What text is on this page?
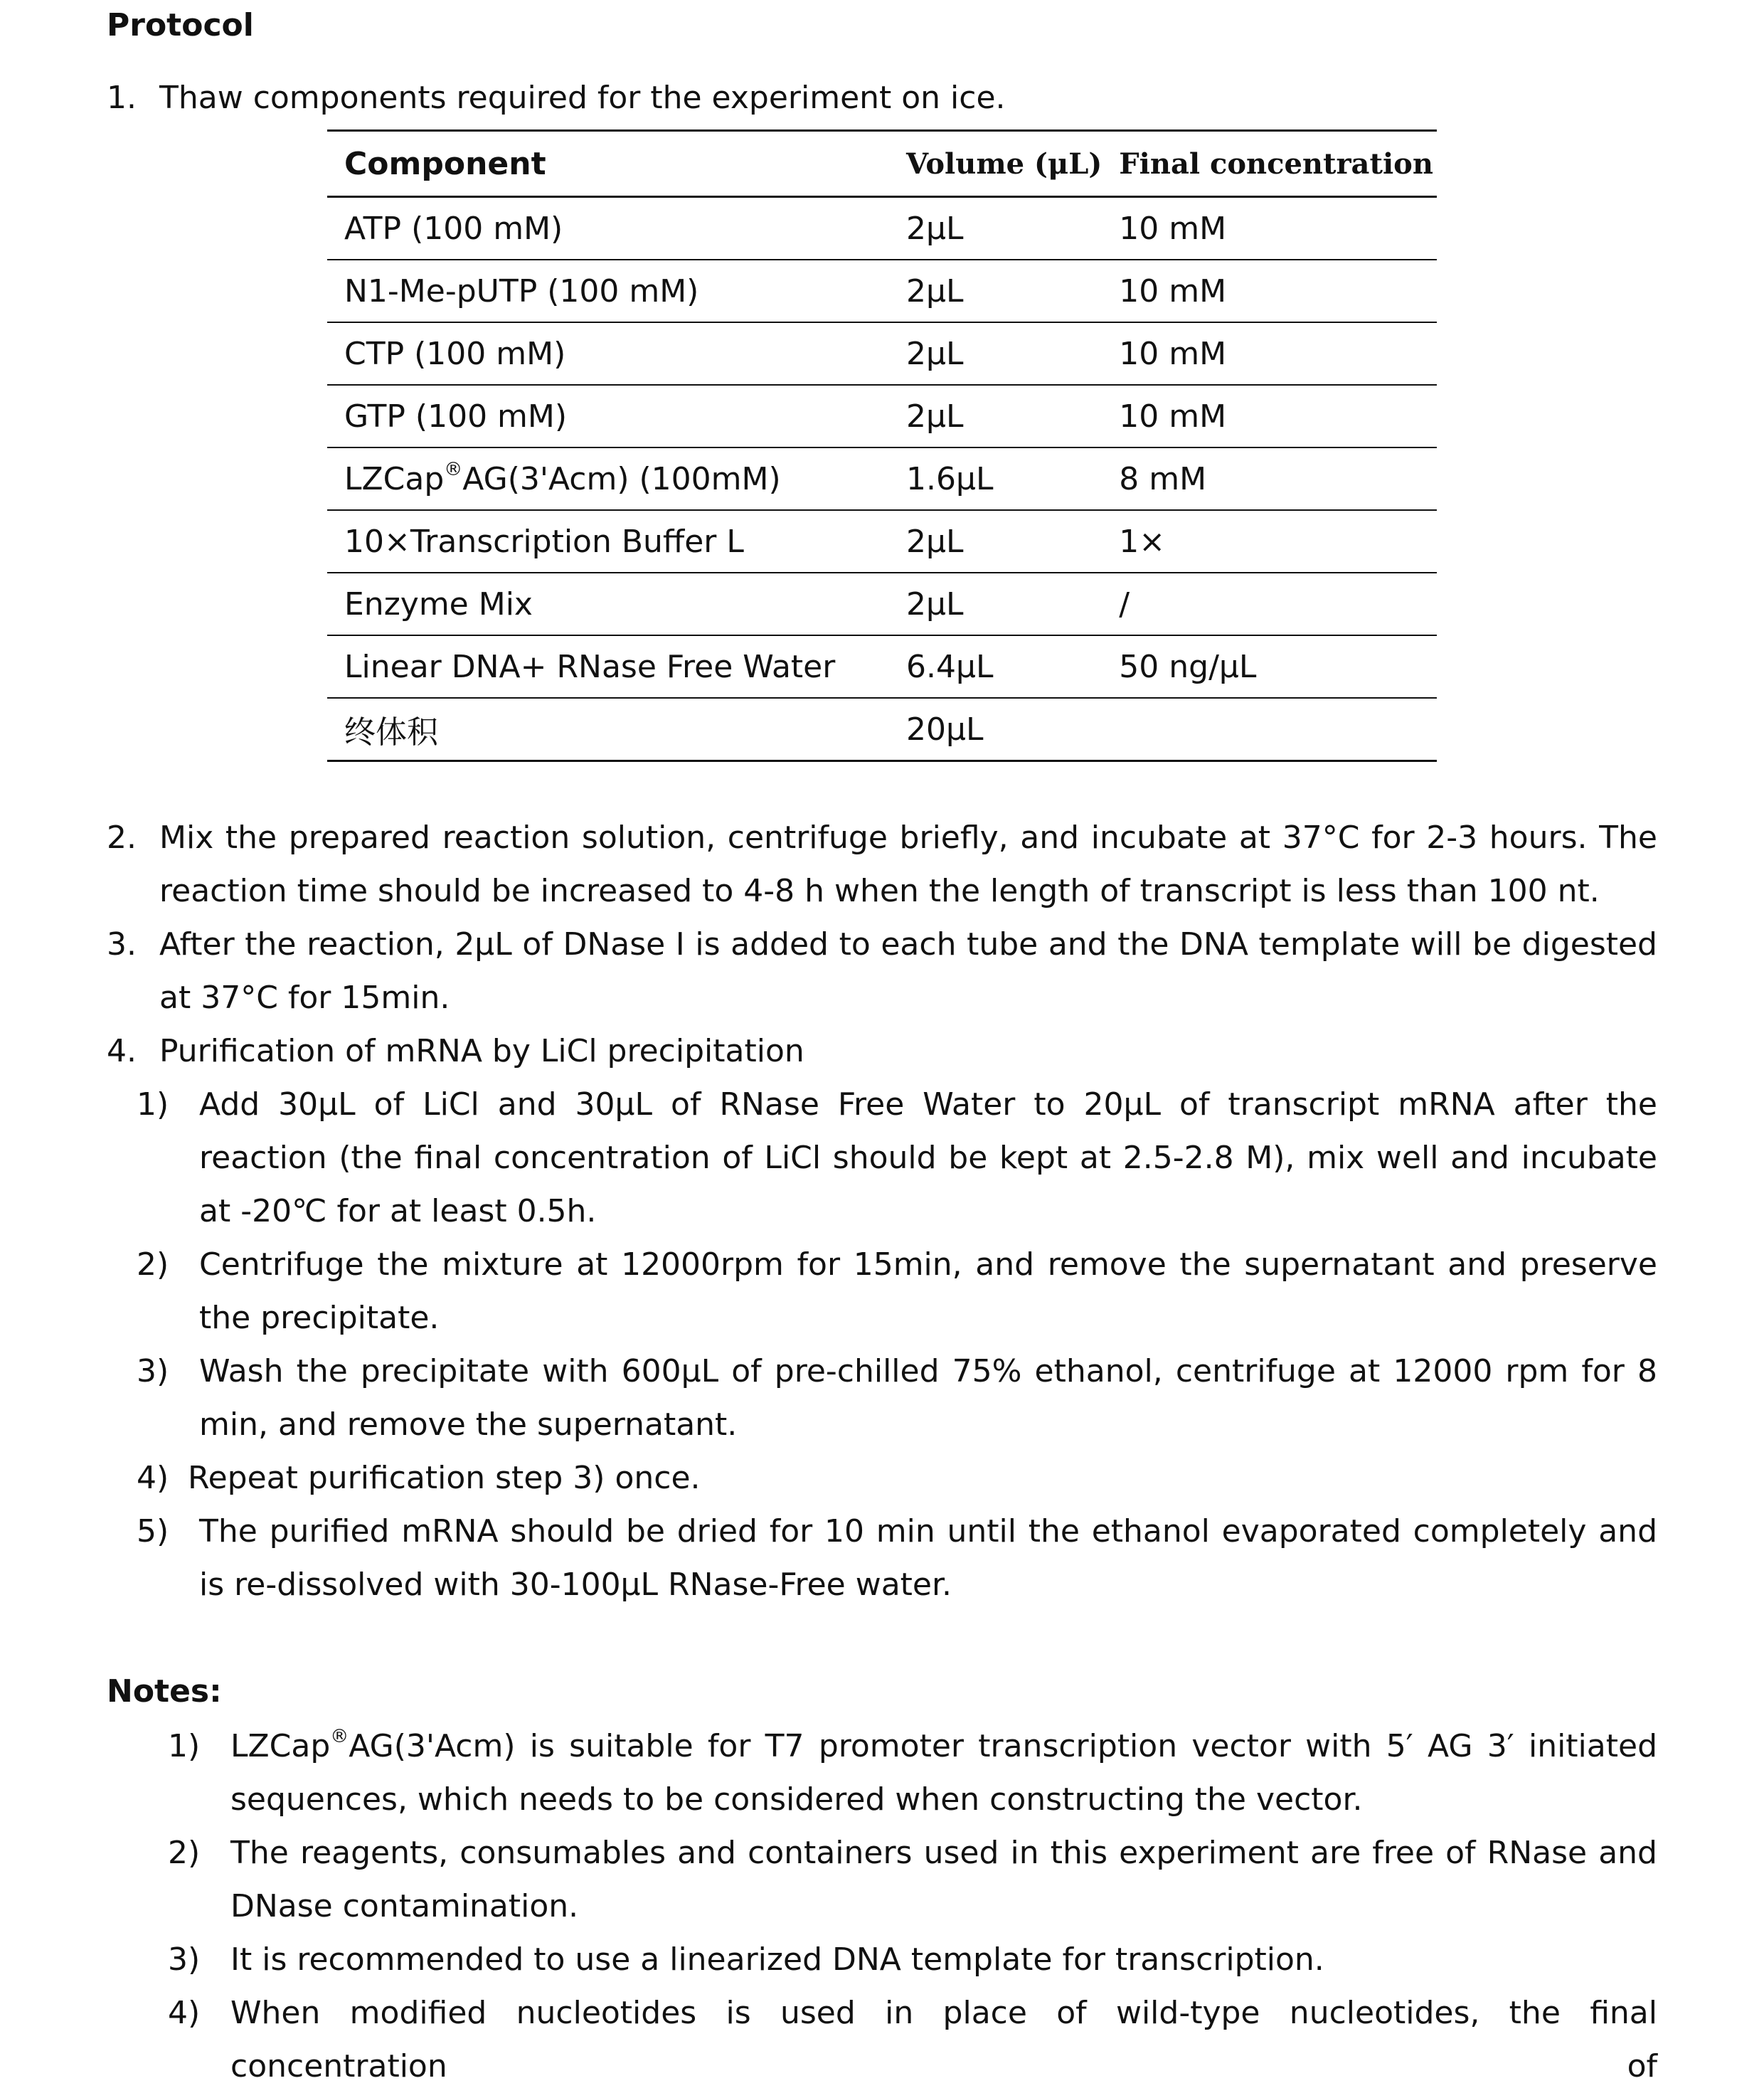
Protocol
1. Thaw components required for the experiment on ice.
Component	Volume (μL)	Final concentration
ATP (100 mM)	2μL	10 mM
N1-Me-pUTP (100 mM)	2μL	10 mM
CTP (100 mM)	2μL	10 mM
GTP (100 mM)	2μL	10 mM
LZCap®AG(3'Acm) (100mM)	1.6μL	8 mM
10×Transcription Buffer L	2μL	1×
Enzyme Mix	2μL	/
Linear DNA+ RNase Free Water	6.4μL	50 ng/μL
终体积	20μL	
2. Mix the prepared reaction solution, centrifuge briefly, and incubate at 37°C for 2-3 hours. The reaction time should be increased to 4-8 h when the length of transcript is less than 100 nt.
3. After the reaction, 2μL of DNase I is added to each tube and the DNA template will be digested at 37°C for 15min.
4. Purification of mRNA by LiCl precipitation
1) Add 30μL of LiCl and 30μL of RNase Free Water to 20μL of transcript mRNA after the reaction (the final concentration of LiCl should be kept at 2.5-2.8 M), mix well and incubate at -20℃ for at least 0.5h.
2) Centrifuge the mixture at 12000rpm for 15min, and remove the supernatant and preserve the precipitate.
3) Wash the precipitate with 600μL of pre-chilled 75% ethanol, centrifuge at 12000 rpm for 8 min, and remove the supernatant.
4) Repeat purification step 3) once.
5) The purified mRNA should be dried for 10 min until the ethanol evaporated completely and is re-dissolved with 30-100μL RNase-Free water.
Notes:
1) LZCap®AG(3'Acm) is suitable for T7 promoter transcription vector with 5′ AG 3′ initiated sequences, which needs to be considered when constructing the vector.
2) The reagents, consumables and containers used in this experiment are free of RNase and DNase contamination.
3) It is recommended to use a linearized DNA template for transcription.
4) When modified nucleotides is used in place of wild-type nucleotides, the final concentration of
